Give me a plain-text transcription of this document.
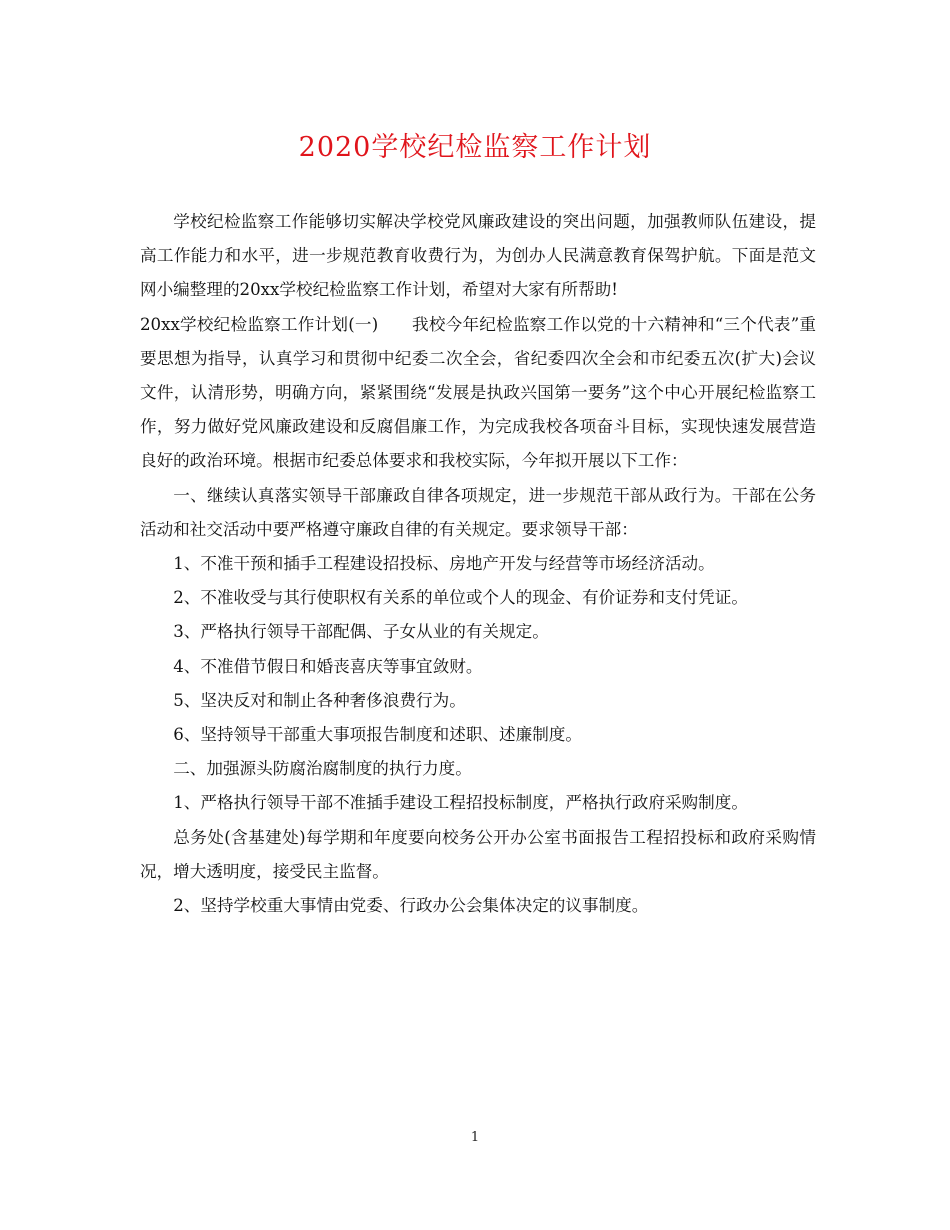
2020学校纪检监察工作计划

学校纪检监察工作能够切实解决学校党风廉政建设的突出问题，加强教师队伍建设，提高工作能力和水平，进一步规范教育收费行为，为创办人民满意教育保驾护航。下面是范文网小编整理的20xx学校纪检监察工作计划，希望对大家有所帮助!

20xx学校纪检监察工作计划(一)　　我校今年纪检监察工作以党的十六精神和“三个代表”重要思想为指导，认真学习和贯彻中纪委二次全会，省纪委四次全会和市纪委五次(扩大)会议文件，认清形势，明确方向，紧紧围绕“发展是执政兴国第一要务”这个中心开展纪检监察工作，努力做好党风廉政建设和反腐倡廉工作，为完成我校各项奋斗目标，实现快速发展营造良好的政治环境。根据市纪委总体要求和我校实际，今年拟开展以下工作：

一、继续认真落实领导干部廉政自律各项规定，进一步规范干部从政行为。干部在公务活动和社交活动中要严格遵守廉政自律的有关规定。要求领导干部：

1、不准干预和插手工程建设招投标、房地产开发与经营等市场经济活动。

2、不准收受与其行使职权有关系的单位或个人的现金、有价证券和支付凭证。

3、严格执行领导干部配偶、子女从业的有关规定。

4、不准借节假日和婚丧喜庆等事宜敛财。

5、坚决反对和制止各种奢侈浪费行为。

6、坚持领导干部重大事项报告制度和述职、述廉制度。

二、加强源头防腐治腐制度的执行力度。

1、严格执行领导干部不准插手建设工程招投标制度，严格执行政府采购制度。

总务处(含基建处)每学期和年度要向校务公开办公室书面报告工程招投标和政府采购情况，增大透明度，接受民主监督。

2、坚持学校重大事情由党委、行政办公会集体决定的议事制度。

1
